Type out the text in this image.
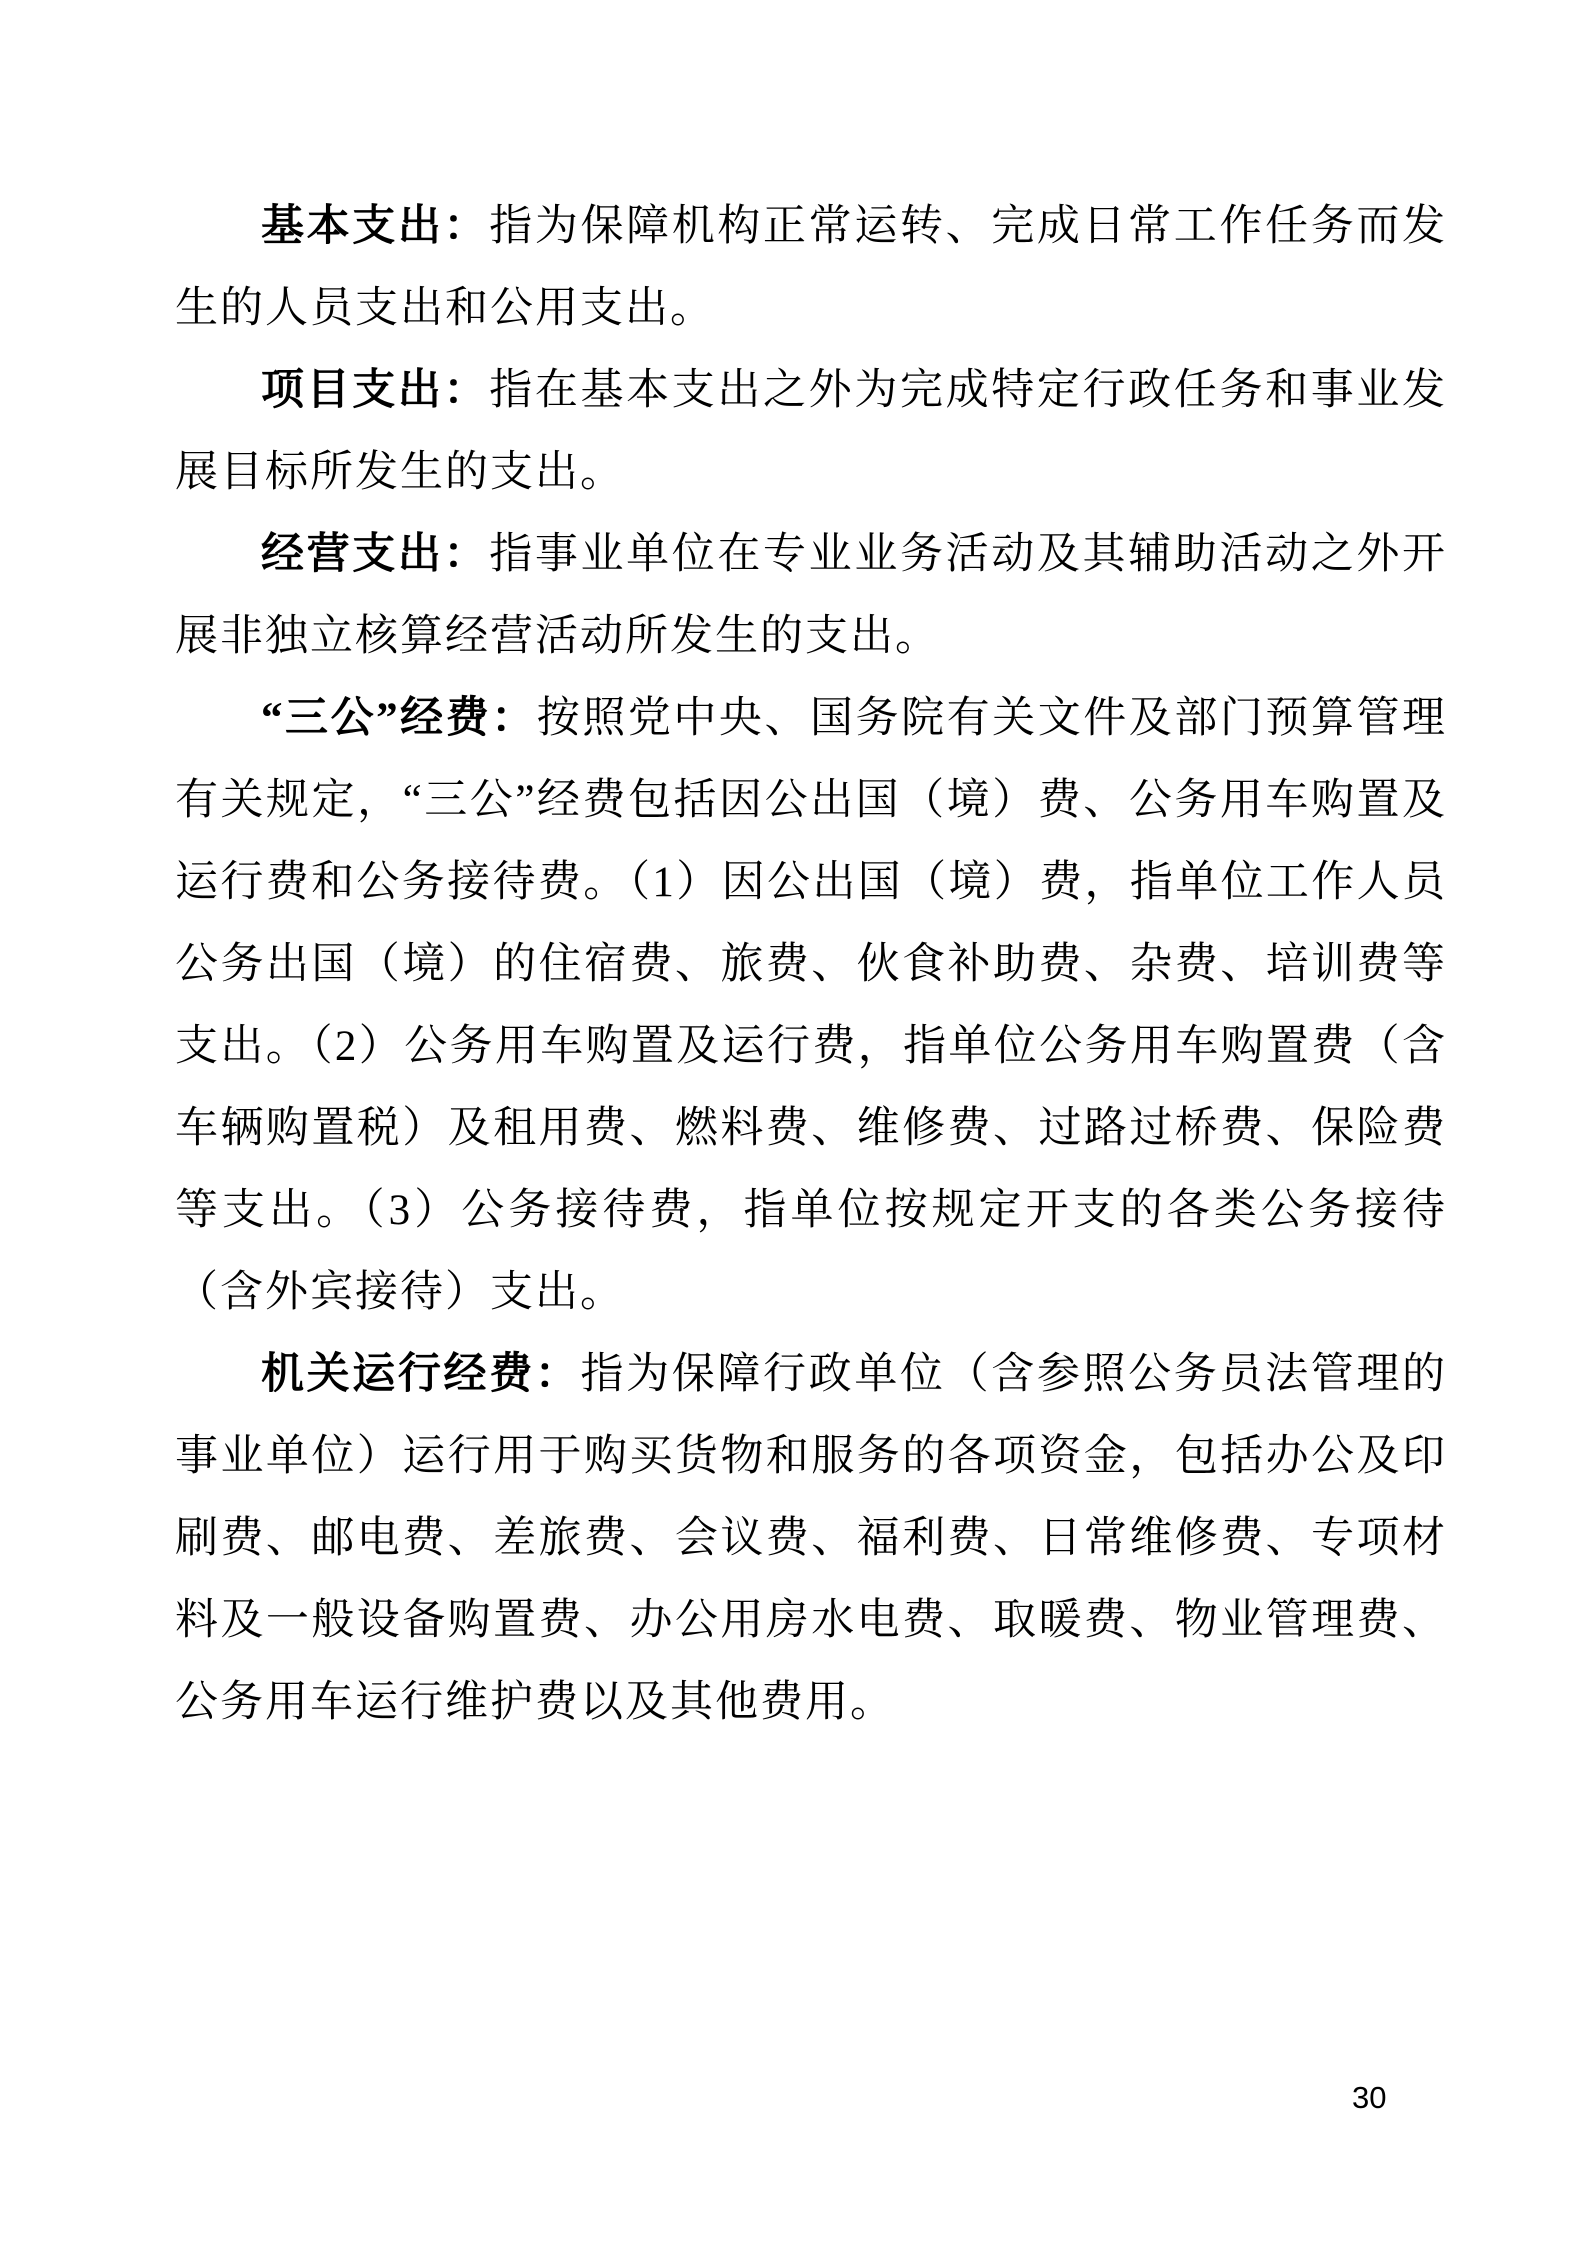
基本支出：指为保障机构正常运转、完成日常工作任务而发生的人员支出和公用支出。

项目支出：指在基本支出之外为完成特定行政任务和事业发展目标所发生的支出。

经营支出：指事业单位在专业业务活动及其辅助活动之外开展非独立核算经营活动所发生的支出。

“三公”经费：按照党中央、国务院有关文件及部门预算管理有关规定，“三公”经费包括因公出国（境）费、公务用车购置及运行费和公务接待费。（1）因公出国（境）费，指单位工作人员公务出国（境）的住宿费、旅费、伙食补助费、杂费、培训费等支出。（2）公务用车购置及运行费，指单位公务用车购置费（含车辆购置税）及租用费、燃料费、维修费、过路过桥费、保险费等支出。（3）公务接待费，指单位按规定开支的各类公务接待（含外宾接待）支出。

机关运行经费：指为保障行政单位（含参照公务员法管理的事业单位）运行用于购买货物和服务的各项资金，包括办公及印刷费、邮电费、差旅费、会议费、福利费、日常维修费、专项材料及一般设备购置费、办公用房水电费、取暖费、物业管理费、公务用车运行维护费以及其他费用。

30
